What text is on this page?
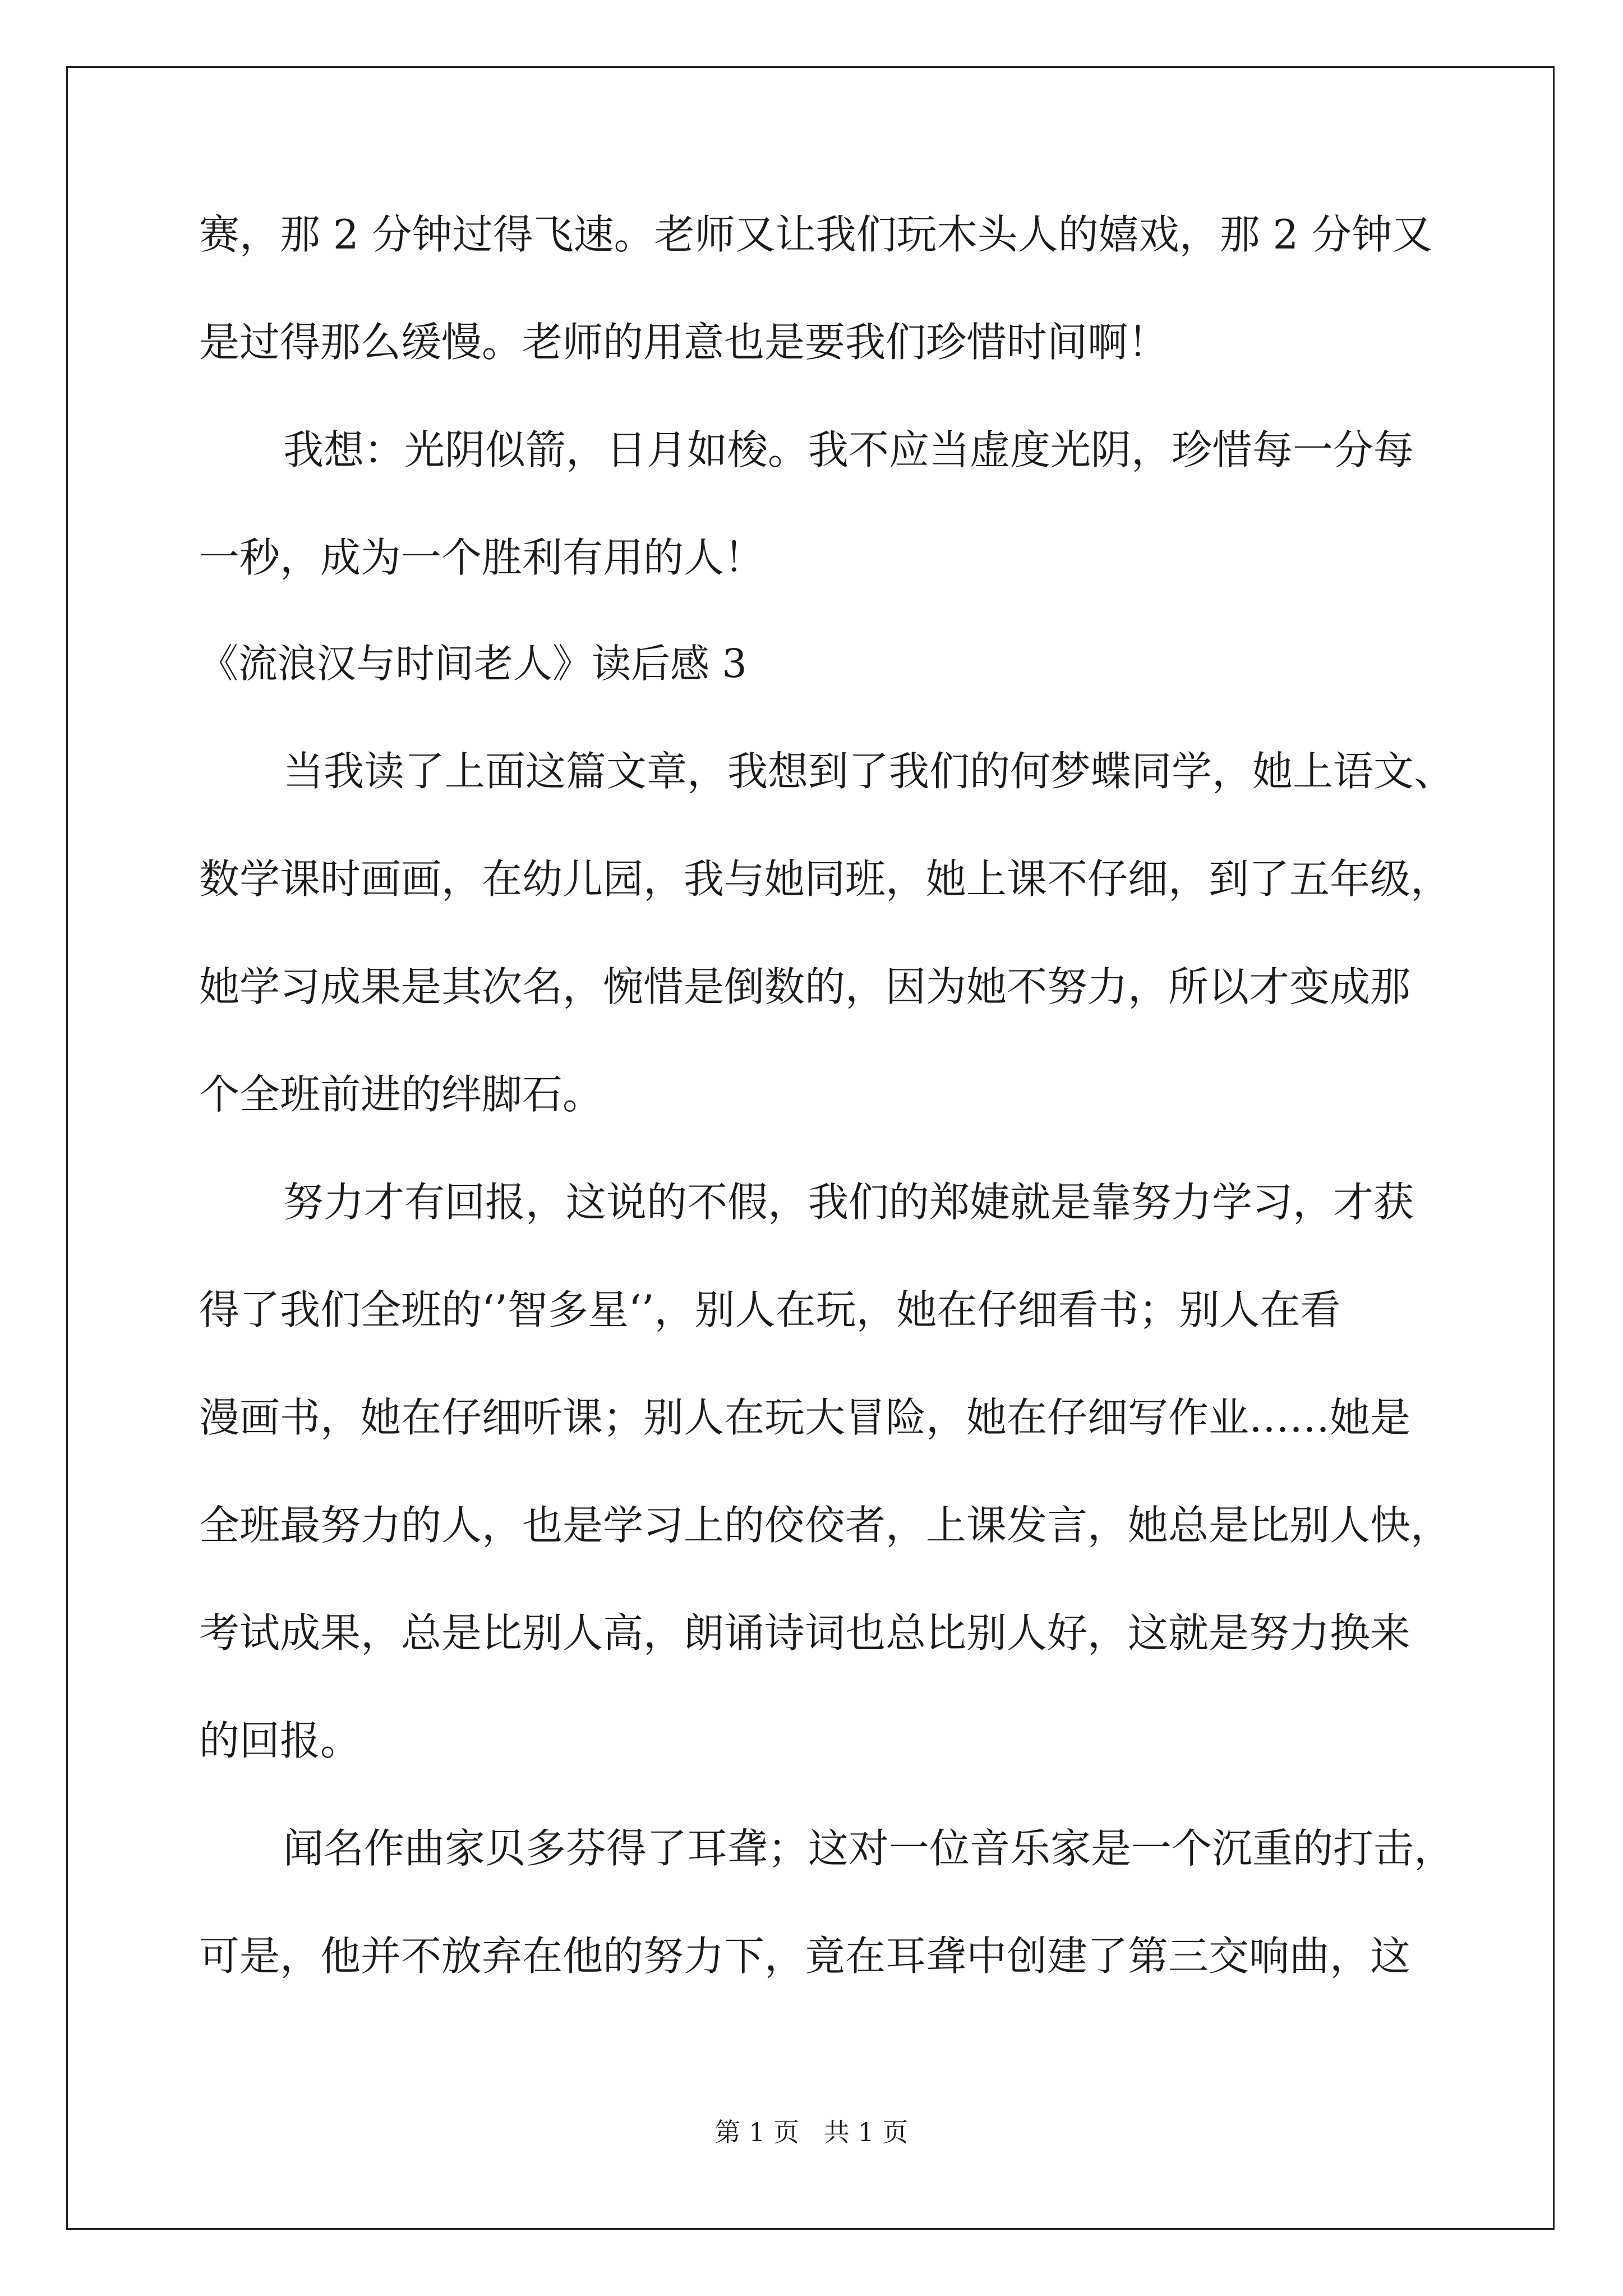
赛，那 2 分钟过得飞速。老师又让我们玩木头人的嬉戏，那 2 分钟又

是过得那么缓慢。老师的用意也是要我们珍惜时间啊！

我想：光阴似箭，日月如梭。我不应当虚度光阴，珍惜每一分每

一秒，成为一个胜利有用的人！

《流浪汉与时间老人》读后感 3

当我读了上面这篇文章，我想到了我们的何梦蝶同学，她上语文、

数学课时画画，在幼儿园，我与她同班，她上课不仔细，到了五年级，

她学习成果是其次名，惋惜是倒数的，因为她不努力，所以才变成那

个全班前进的绊脚石。

努力才有回报，这说的不假，我们的郑婕就是靠努力学习，才获

得了我们全班的‘’智多星‘’，别人在玩，她在仔细看书；别人在看

漫画书，她在仔细听课；别人在玩大冒险，她在仔细写作业……她是

全班最努力的人，也是学习上的佼佼者，上课发言，她总是比别人快，

考试成果，总是比别人高，朗诵诗词也总比别人好，这就是努力换来

的回报。

闻名作曲家贝多芬得了耳聋；这对一位音乐家是一个沉重的打击，

可是，他并不放弃在他的努力下，竟在耳聋中创建了第三交响曲，这

第 1 页   共 1 页
